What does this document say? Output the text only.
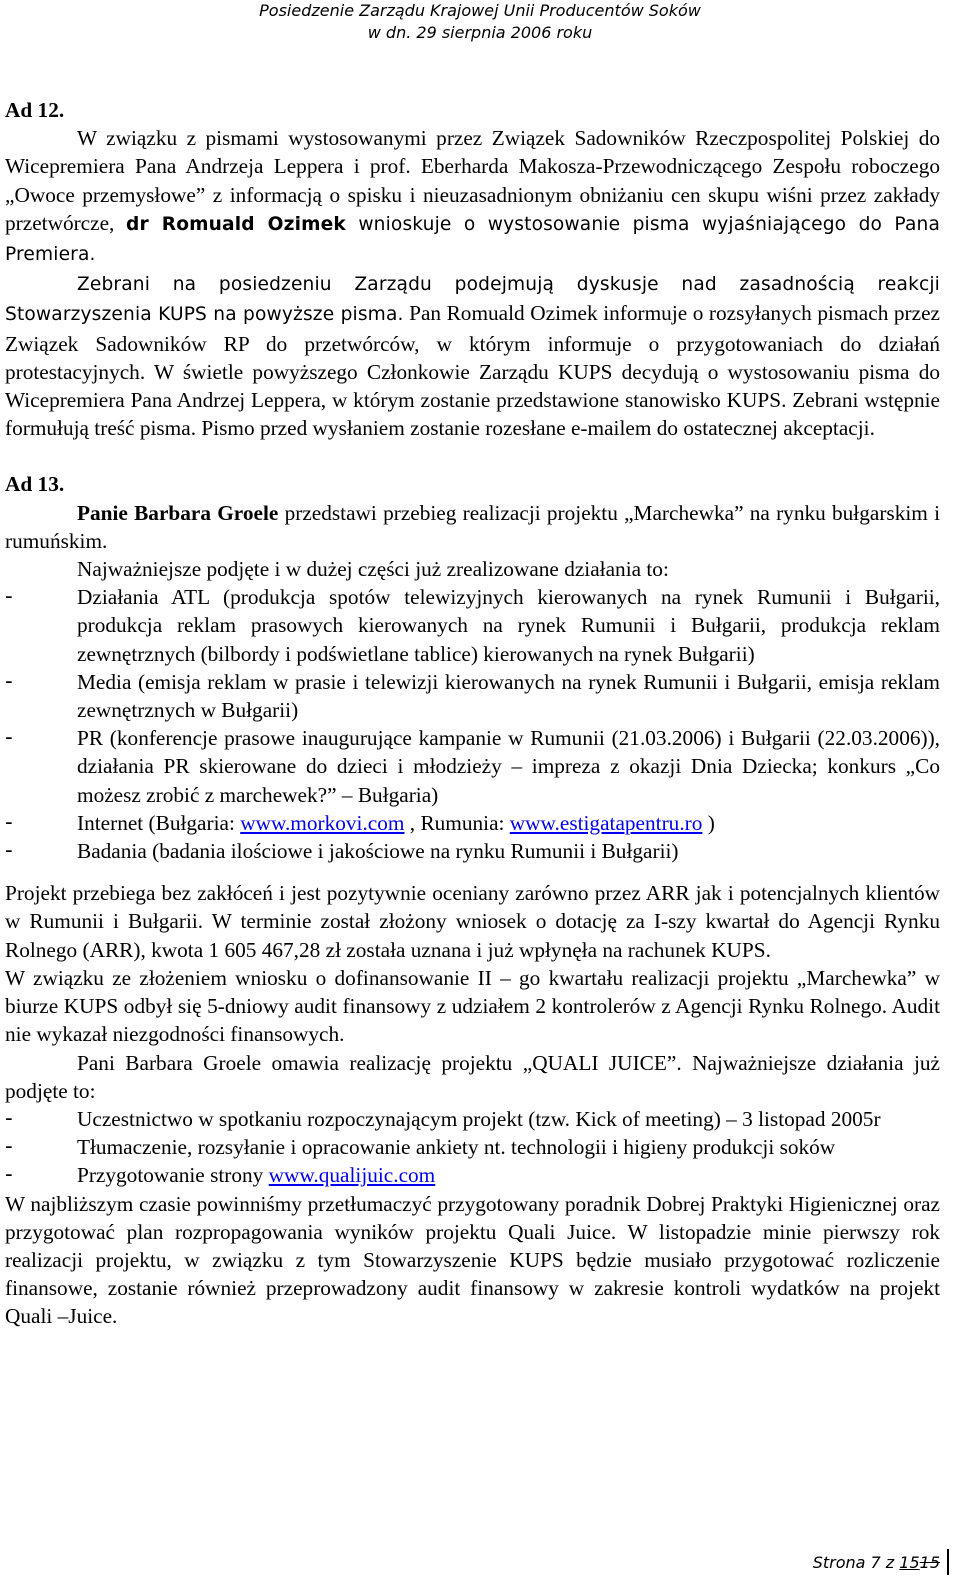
Posiedzenie Zarządu Krajowej Unii Producentów Soków
w dn. 29 sierpnia 2006 roku

Ad 12.

W związku z pismami wystosowanymi przez Związek Sadowników Rzeczpospolitej Polskiej do Wicepremiera Pana Andrzeja Leppera i prof. Eberharda Makosza-Przewodniczącego Zespołu roboczego „Owoce przemysłowe” z informacją o spisku i nieuzasadnionym obniżaniu cen skupu wiśni przez zakłady przetwórcze, dr Romuald Ozimek wnioskuje o wystosowanie pisma wyjaśniającego do Pana Premiera.

Zebrani na posiedzeniu Zarządu podejmują dyskusje nad zasadnością reakcji Stowarzyszenia KUPS na powyższe pisma. Pan Romuald Ozimek informuje o rozsyłanych pismach przez Związek Sadowników RP do przetwórców, w którym informuje o przygotowaniach do działań protestacyjnych. W świetle powyższego Członkowie Zarządu KUPS decydują o wystosowaniu pisma do Wicepremiera Pana Andrzej Leppera, w którym zostanie przedstawione stanowisko KUPS. Zebrani wstępnie formułują treść pisma. Pismo przed wysłaniem zostanie rozesłane e-mailem do ostatecznej akceptacji.

Ad 13.

Panie Barbara Groele przedstawi przebieg realizacji projektu „Marchewka” na rynku bułgarskim i rumuńskim.

Najważniejsze podjęte i w dużej części już zrealizowane działania to:

-	Działania ATL (produkcja spotów telewizyjnych kierowanych na rynek Rumunii i Bułgarii, produkcja reklam prasowych kierowanych na rynek Rumunii i Bułgarii, produkcja reklam zewnętrznych (bilbordy i podświetlane tablice) kierowanych na rynek Bułgarii)
-	Media (emisja reklam w prasie i telewizji kierowanych na rynek Rumunii i Bułgarii, emisja reklam zewnętrznych w Bułgarii)
-	PR (konferencje prasowe inaugurujące kampanie w Rumunii (21.03.2006) i Bułgarii (22.03.2006)), działania PR skierowane do dzieci i młodzieży – impreza z okazji Dnia Dziecka; konkurs „Co możesz zrobić z marchewek?” – Bułgaria)
-	Internet (Bułgaria: www.morkovi.com , Rumunia: www.estigatapentru.ro )
-	Badania (badania ilościowe i jakościowe na rynku Rumunii i Bułgarii)

Projekt przebiega bez zakłóceń i jest pozytywnie oceniany zarówno przez ARR jak i potencjalnych klientów w Rumunii i Bułgarii. W terminie został złożony wniosek o dotację za I-szy kwartał do Agencji Rynku Rolnego (ARR), kwota 1 605 467,28 zł została uznana i już wpłynęła na rachunek KUPS.

W związku ze złożeniem wniosku o dofinansowanie II – go kwartału realizacji projektu „Marchewka” w biurze KUPS odbył się 5-dniowy audit finansowy z udziałem 2 kontrolerów z Agencji Rynku Rolnego. Audit nie wykazał niezgodności finansowych.

Pani Barbara Groele omawia realizację projektu „QUALI JUICE”. Najważniejsze działania już podjęte to:

-	Uczestnictwo w spotkaniu rozpoczynającym projekt (tzw. Kick of meeting) – 3 listopad 2005r
-	Tłumaczenie, rozsyłanie i opracowanie ankiety nt. technologii i higieny produkcji soków
-	Przygotowanie strony www.qualijuic.com

W najbliższym czasie powinniśmy przetłumaczyć przygotowany poradnik Dobrej Praktyki Higienicznej oraz przygotować plan rozpropagowania wyników projektu Quali Juice. W listopadzie minie pierwszy rok realizacji projektu, w związku z tym Stowarzyszenie KUPS będzie musiało przygotować rozliczenie finansowe, zostanie również przeprowadzony audit finansowy w zakresie kontroli wydatków na projekt Quali –Juice.

Strona 7 z 1515
